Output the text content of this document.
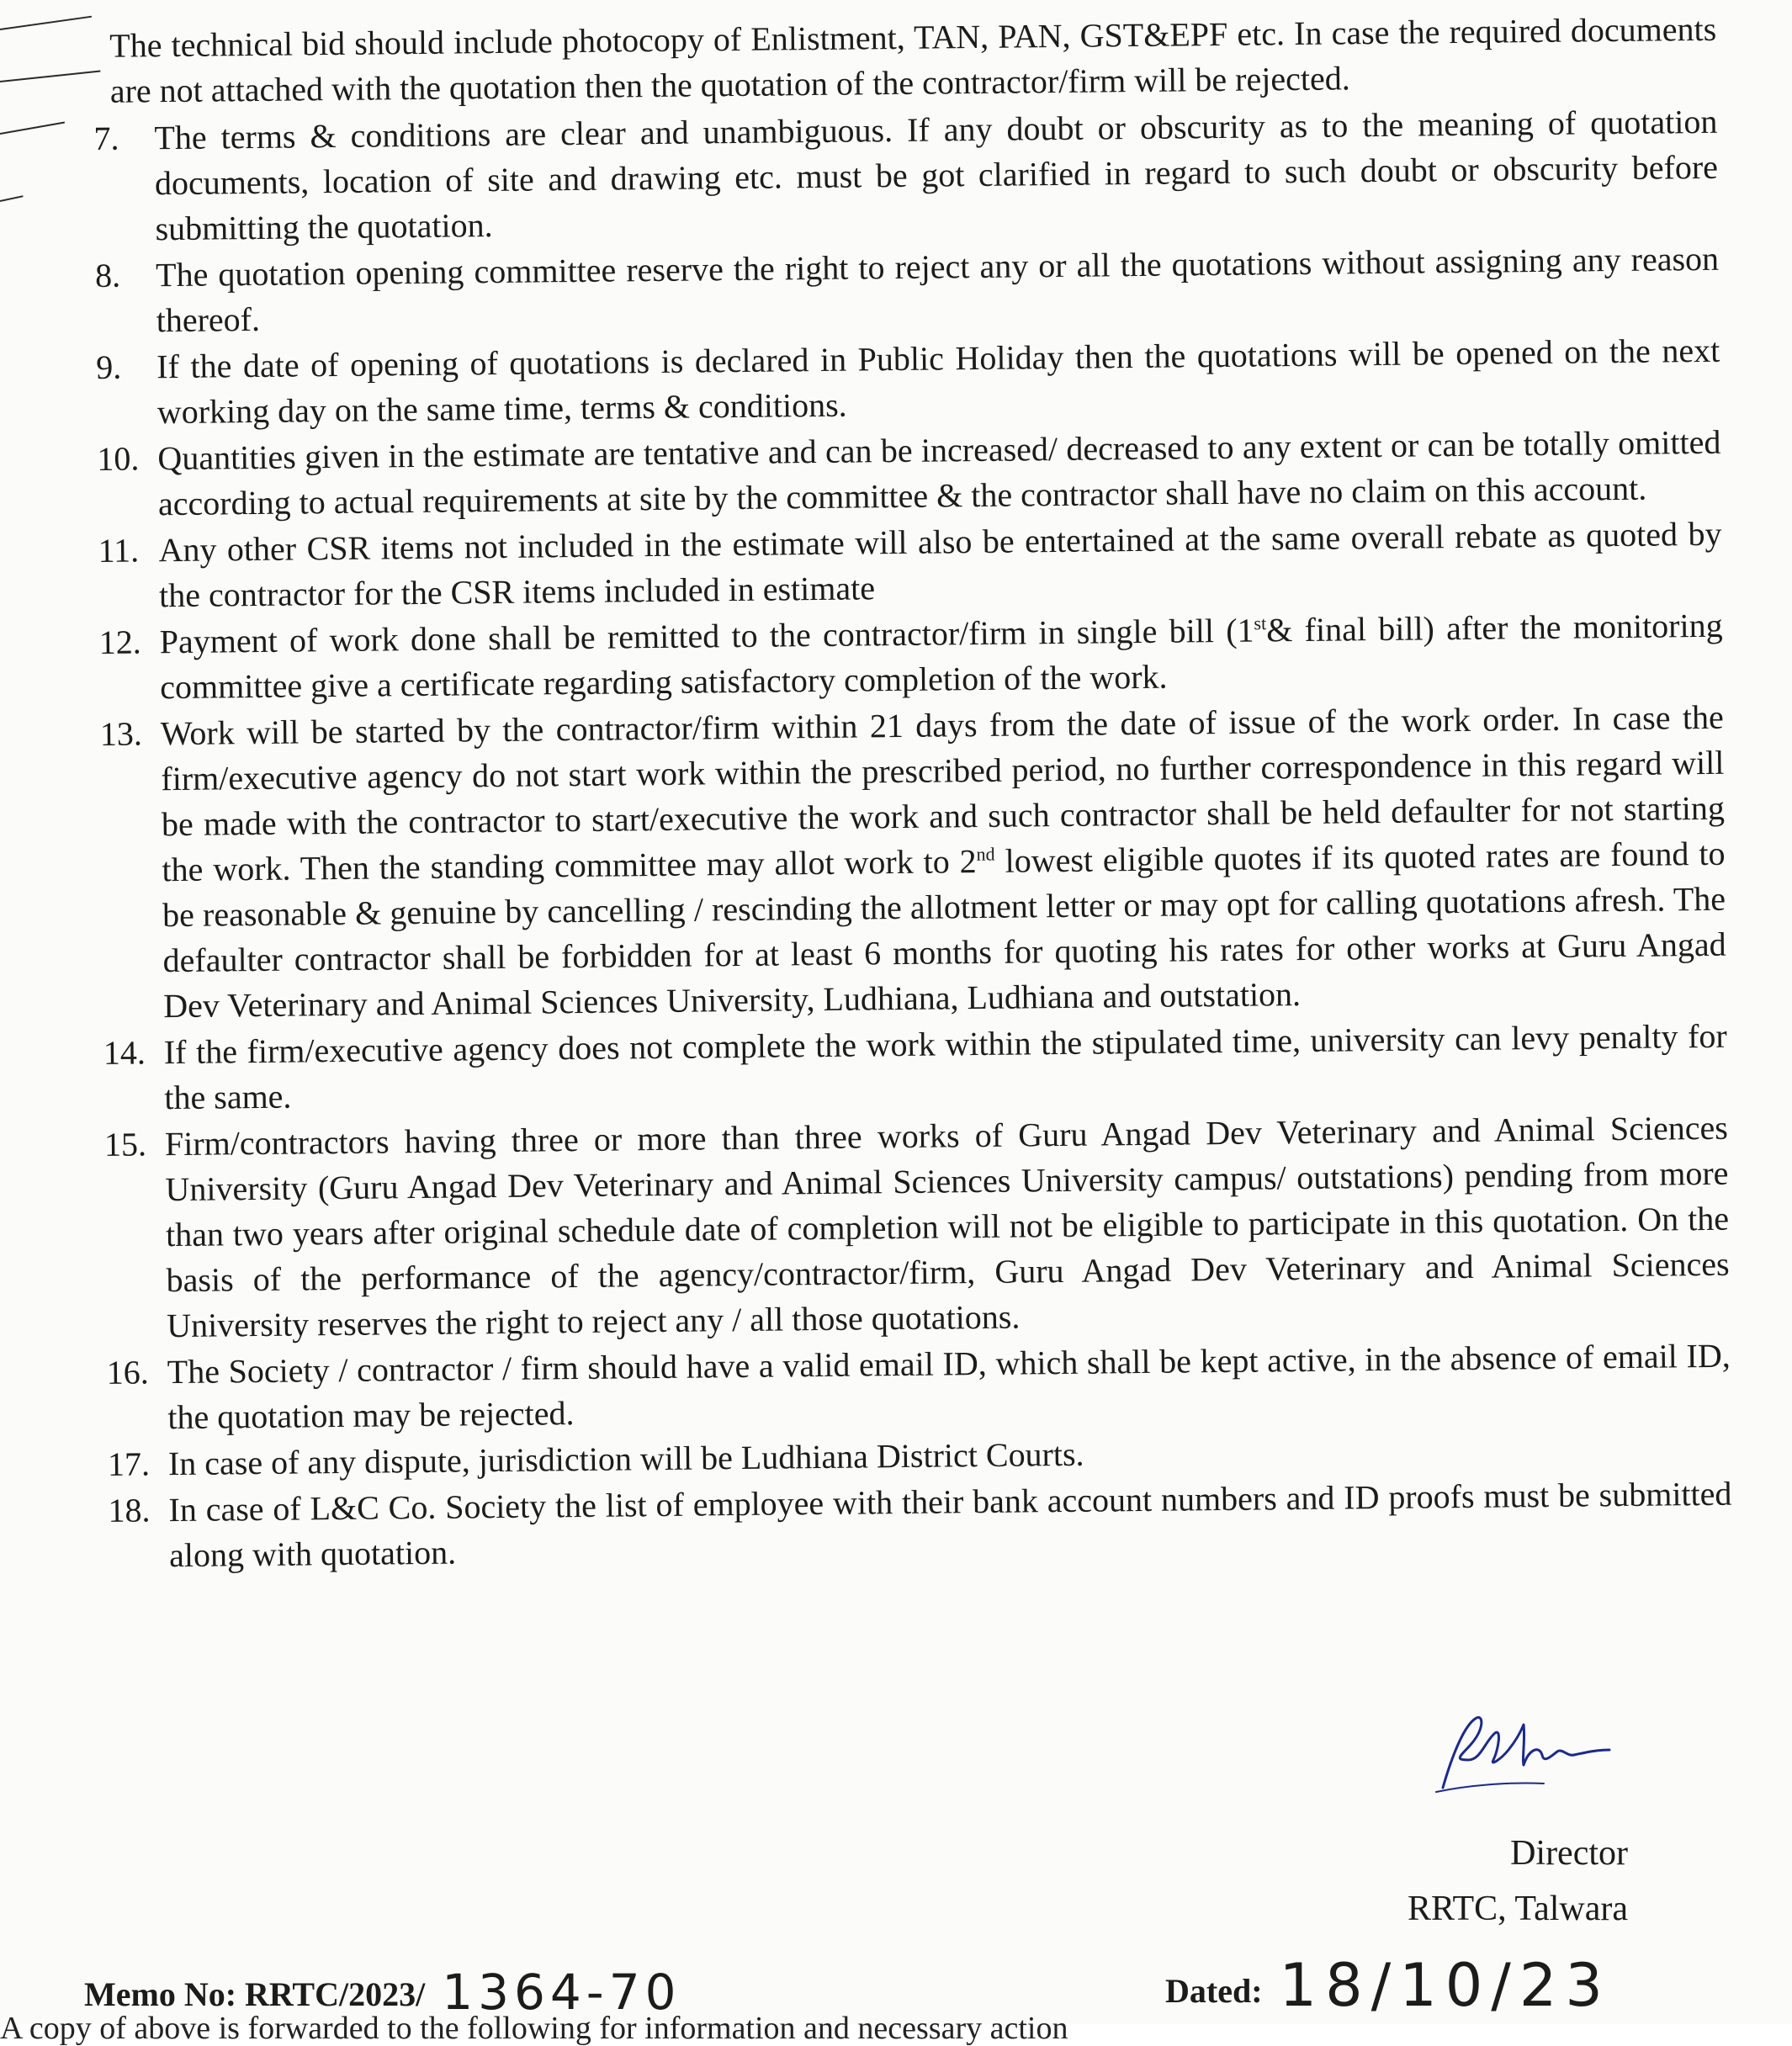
The technical bid should include photocopy of Enlistment, TAN, PAN, GST&EPF etc. In case the required documents are not attached with the quotation then the quotation of the contractor/firm will be rejected.

7.	The terms & conditions are clear and unambiguous. If any doubt or obscurity as to the meaning of quotation documents, location of site and drawing etc. must be got clarified in regard to such doubt or obscurity before submitting the quotation.
8.	The quotation opening committee reserve the right to reject any or all the quotations without assigning any reason thereof.
9.	If the date of opening of quotations is declared in Public Holiday then the quotations will be opened on the next working day on the same time, terms & conditions.
10. Quantities given in the estimate are tentative and can be increased/ decreased to any extent or can be totally omitted according to actual requirements at site by the committee & the contractor shall have no claim on this account.
11. Any other CSR items not included in the estimate will also be entertained at the same overall rebate as quoted by the contractor for the CSR items included in estimate
12. Payment of work done shall be remitted to the contractor/firm in single bill (1st& final bill) after the monitoring committee give a certificate regarding satisfactory completion of the work.
13. Work will be started by the contractor/firm within 21 days from the date of issue of the work order. In case the firm/executive agency do not start work within the prescribed period, no further correspondence in this regard will be made with the contractor to start/executive the work and such contractor shall be held defaulter for not starting the work. Then the standing committee may allot work to 2nd lowest eligible quotes if its quoted rates are found to be reasonable & genuine by cancelling / rescinding the allotment letter or may opt for calling quotations afresh. The defaulter contractor shall be forbidden for at least 6 months for quoting his rates for other works at Guru Angad Dev Veterinary and Animal Sciences University, Ludhiana, Ludhiana and outstation.
14. If the firm/executive agency does not complete the work within the stipulated time, university can levy penalty for the same.
15. Firm/contractors having three or more than three works of Guru Angad Dev Veterinary and Animal Sciences University (Guru Angad Dev Veterinary and Animal Sciences University campus/ outstations) pending from more than two years after original schedule date of completion will not be eligible to participate in this quotation. On the basis of the performance of the agency/contractor/firm, Guru Angad Dev Veterinary and Animal Sciences University reserves the right to reject any / all those quotations.
16. The Society / contractor / firm should have a valid email ID, which shall be kept active, in the absence of email ID, the quotation may be rejected.
17. In case of any dispute, jurisdiction will be Ludhiana District Courts.
18. In case of L&C Co. Society the list of employee with their bank account numbers and ID proofs must be submitted along with quotation.
Director
RRTC, Talwara
Memo No: RRTC/2023/ 1364-70	Dated: 18/10/23
A copy of above is forwarded to the following for information and necessary action
